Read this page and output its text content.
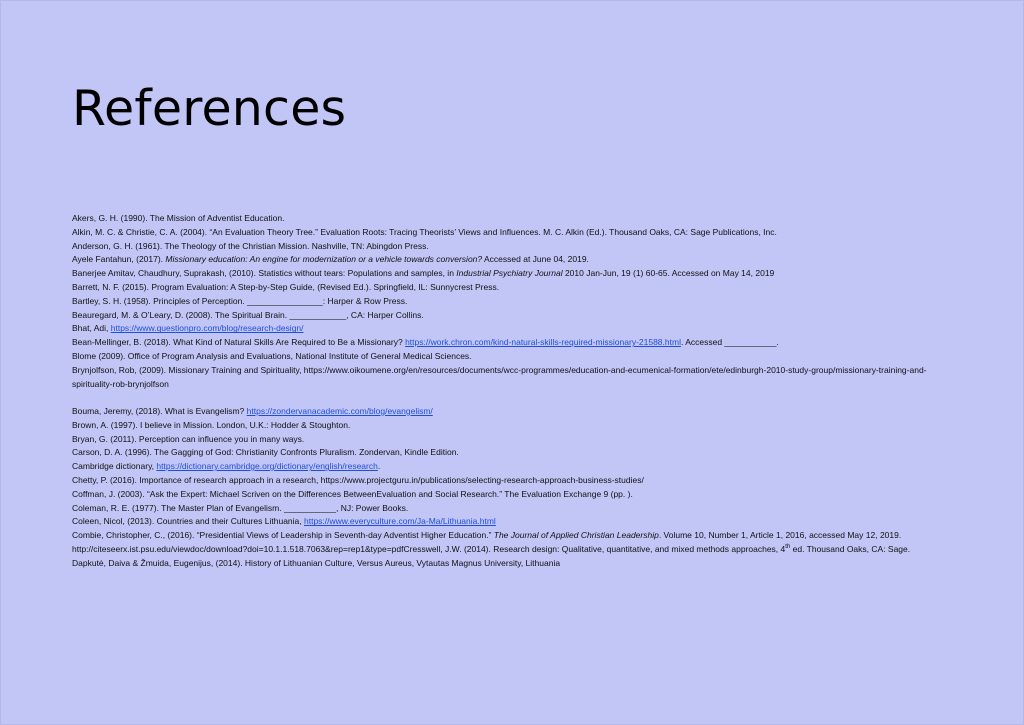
References

Akers, G. H. (1990). The Mission of Adventist Education.

Alkin, M. C. & Christie, C. A. (2004). “An Evaluation Theory Tree.” Evaluation Roots: Tracing Theorists’ Views and Influences. M. C. Alkin (Ed.). Thousand Oaks, CA: Sage Publications, Inc.

Anderson, G. H. (1961). The Theology of the Christian Mission. Nashville, TN: Abingdon Press.

Ayele Fantahun, (2017). Missionary education: An engine for modernization or a vehicle towards conversion? Accessed at June 04, 2019.

Banerjee Amitav, Chaudhury, Suprakash, (2010). Statistics without tears: Populations and samples, in Industrial Psychiatry Journal 2010 Jan-Jun, 19 (1) 60-65. Accessed on May 14, 2019

Barrett, N. F. (2015). Program Evaluation: A Step-by-Step Guide, (Revised Ed.). Springfield, IL: Sunnycrest Press.

Bartley, S. H. (1958). Principles of Perception. ________________: Harper & Row Press.

Beauregard, M. & O’Leary, D. (2008). The Spiritual Brain. ____________, CA: Harper Collins.

Bhat, Adi, https://www.questionpro.com/blog/research-design/

Bean-Mellinger, B. (2018). What Kind of Natural Skills Are Required to Be a Missionary? https://work.chron.com/kind-natural-skills-required-missionary-21588.html. Accessed ___________.

Blome (2009). Office of Program Analysis and Evaluations, National Institute of General Medical Sciences.

Brynjolfson, Rob, (2009). Missionary Training and Spirituality, https://www.oikoumene.org/en/resources/documents/wcc-programmes/education-and-ecumenical-formation/ete/edinburgh-2010-study-group/missionary-training-and-spirituality-rob-brynjolfson

Bouma, Jeremy, (2018). What is Evangelism? https://zondervanacademic.com/blog/evangelism/

Brown, A. (1997). I believe in Mission. London, U.K.: Hodder & Stoughton.

Bryan, G. (2011). Perception can influence you in many ways.

Carson, D. A. (1996). The Gagging of God: Christianity Confronts Pluralism. Zondervan, Kindle Edition.

Cambridge dictionary, https://dictionary.cambridge.org/dictionary/english/research.

Chetty, P. (2016). Importance of research approach in a research, https://www.projectguru.in/publications/selecting-research-approach-business-studies/

Coffman, J. (2003). “Ask the Expert: Michael Scriven on the Differences BetweenEvaluation and Social Research.” The Evaluation Exchange 9 (pp. ).

Coleman, R. E. (1977). The Master Plan of Evangelism. ___________, NJ: Power Books.

Coleen, Nicol, (2013). Countries and their Cultures Lithuania, https://www.everyculture.com/Ja-Ma/Lithuania.html

Combie, Christopher, C., (2016). “Presidential Views of Leadership in Seventh-day Adventist Higher Education.” The Journal of Applied Christian Leadership. Volume 10, Number 1, Article 1, 2016, accessed May 12, 2019.

http://citeseerx.ist.psu.edu/viewdoc/download?doi=10.1.1.518.7063&rep=rep1&type=pdfCresswell, J.W. (2014). Research design: Qualitative, quantitative, and mixed methods approaches, 4th ed. Thousand Oaks, CA: Sage.

Dapkutė, Daiva & Žmuida, Eugenijus, (2014). History of Lithuanian Culture, Versus Aureus, Vytautas Magnus University, Lithuania
